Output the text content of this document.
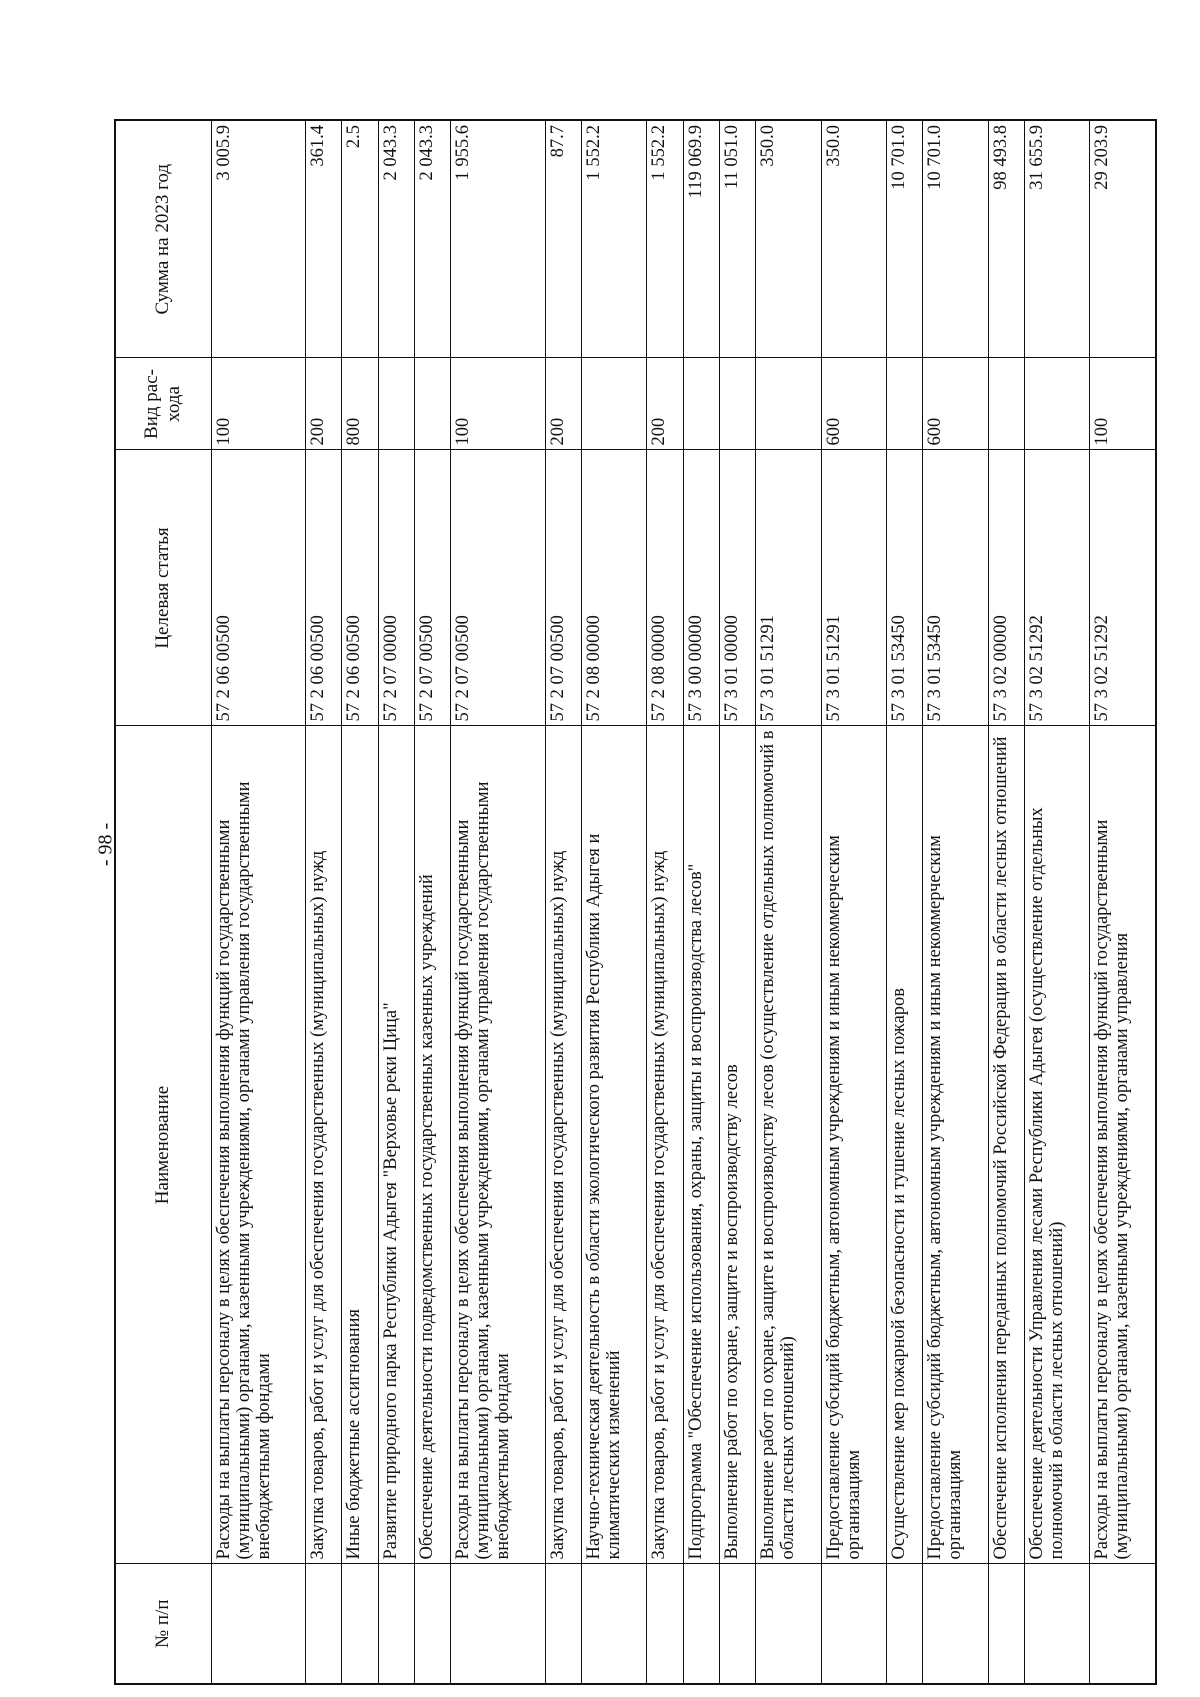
- 98 -
№ п/п	Наименование	Целевая статья	Вид рас-хода	Сумма на 2023 год
	Расходы на выплаты персоналу в целях обеспечения выполнения функций государственными (муниципальными) органами, казенными учреждениями, органами управления государственными внебюджетными фондами	57 2 06 00500	100	3 005.9
	Закупка товаров, работ и услуг для обеспечения государственных (муниципальных) нужд	57 2 06 00500	200	361.4
	Иные бюджетные ассигнования	57 2 06 00500	800	2.5
	Развитие природного парка Республики Адыгея "Верховье реки Цица"	57 2 07 00000		2 043.3
	Обеспечение деятельности подведомственных государственных казенных учреждений	57 2 07 00500		2 043.3
	Расходы на выплаты персоналу в целях обеспечения выполнения функций государственными (муниципальными) органами, казенными учреждениями, органами управления государственными внебюджетными фондами	57 2 07 00500	100	1 955.6
	Закупка товаров, работ и услуг для обеспечения государственных (муниципальных) нужд	57 2 07 00500	200	87.7
	Научно-техническая деятельность в области экологического развития Республики Адыгея и климатических изменений	57 2 08 00000		1 552.2
	Закупка товаров, работ и услуг для обеспечения государственных (муниципальных) нужд	57 2 08 00000	200	1 552.2
	Подпрограмма "Обеспечение использования, охраны, защиты и воспроизводства лесов"	57 3 00 00000		119 069.9
	Выполнение работ по охране, защите и воспроизводству лесов	57 3 01 00000		11 051.0
	Выполнение работ по охране, защите и воспроизводству лесов (осуществление отдельных полномочий в области лесных отношений)	57 3 01 51291		350.0
	Предоставление субсидий бюджетным, автономным учреждениям и иным некоммерческим организациям	57 3 01 51291	600	350.0
	Осуществление мер пожарной безопасности и тушение лесных пожаров	57 3 01 53450		10 701.0
	Предоставление субсидий бюджетным, автономным учреждениям и иным некоммерческим организациям	57 3 01 53450	600	10 701.0
	Обеспечение исполнения переданных полномочий Российской Федерации в области лесных отношений	57 3 02 00000		98 493.8
	Обеспечение деятельности Управления лесами Республики Адыгея (осуществление отдельных полномочий в области лесных отношений)	57 3 02 51292		31 655.9
	Расходы на выплаты персоналу в целях обеспечения выполнения функций государственными (муниципальными) органами, казенными учреждениями, органами управления	57 3 02 51292	100	29 203.9
